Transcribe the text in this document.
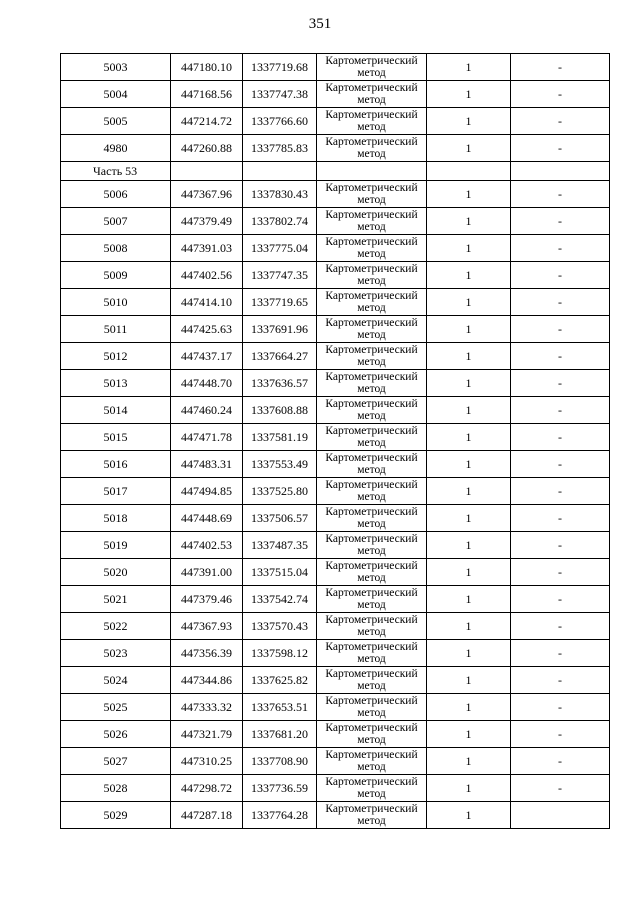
351
5003	447180.10	1337719.68	Картометрический метод	1	-
5004	447168.56	1337747.38	Картометрический метод	1	-
5005	447214.72	1337766.60	Картометрический метод	1	-
4980	447260.88	1337785.83	Картометрический метод	1	-
Часть 53					
5006	447367.96	1337830.43	Картометрический метод	1	-
5007	447379.49	1337802.74	Картометрический метод	1	-
5008	447391.03	1337775.04	Картометрический метод	1	-
5009	447402.56	1337747.35	Картометрический метод	1	-
5010	447414.10	1337719.65	Картометрический метод	1	-
5011	447425.63	1337691.96	Картометрический метод	1	-
5012	447437.17	1337664.27	Картометрический метод	1	-
5013	447448.70	1337636.57	Картометрический метод	1	-
5014	447460.24	1337608.88	Картометрический метод	1	-
5015	447471.78	1337581.19	Картометрический метод	1	-
5016	447483.31	1337553.49	Картометрический метод	1	-
5017	447494.85	1337525.80	Картометрический метод	1	-
5018	447448.69	1337506.57	Картометрический метод	1	-
5019	447402.53	1337487.35	Картометрический метод	1	-
5020	447391.00	1337515.04	Картометрический метод	1	-
5021	447379.46	1337542.74	Картометрический метод	1	-
5022	447367.93	1337570.43	Картометрический метод	1	-
5023	447356.39	1337598.12	Картометрический метод	1	-
5024	447344.86	1337625.82	Картометрический метод	1	-
5025	447333.32	1337653.51	Картометрический метод	1	-
5026	447321.79	1337681.20	Картометрический метод	1	-
5027	447310.25	1337708.90	Картометрический метод	1	-
5028	447298.72	1337736.59	Картометрический метод	1	-
5029	447287.18	1337764.28	Картометрический метод	1	
